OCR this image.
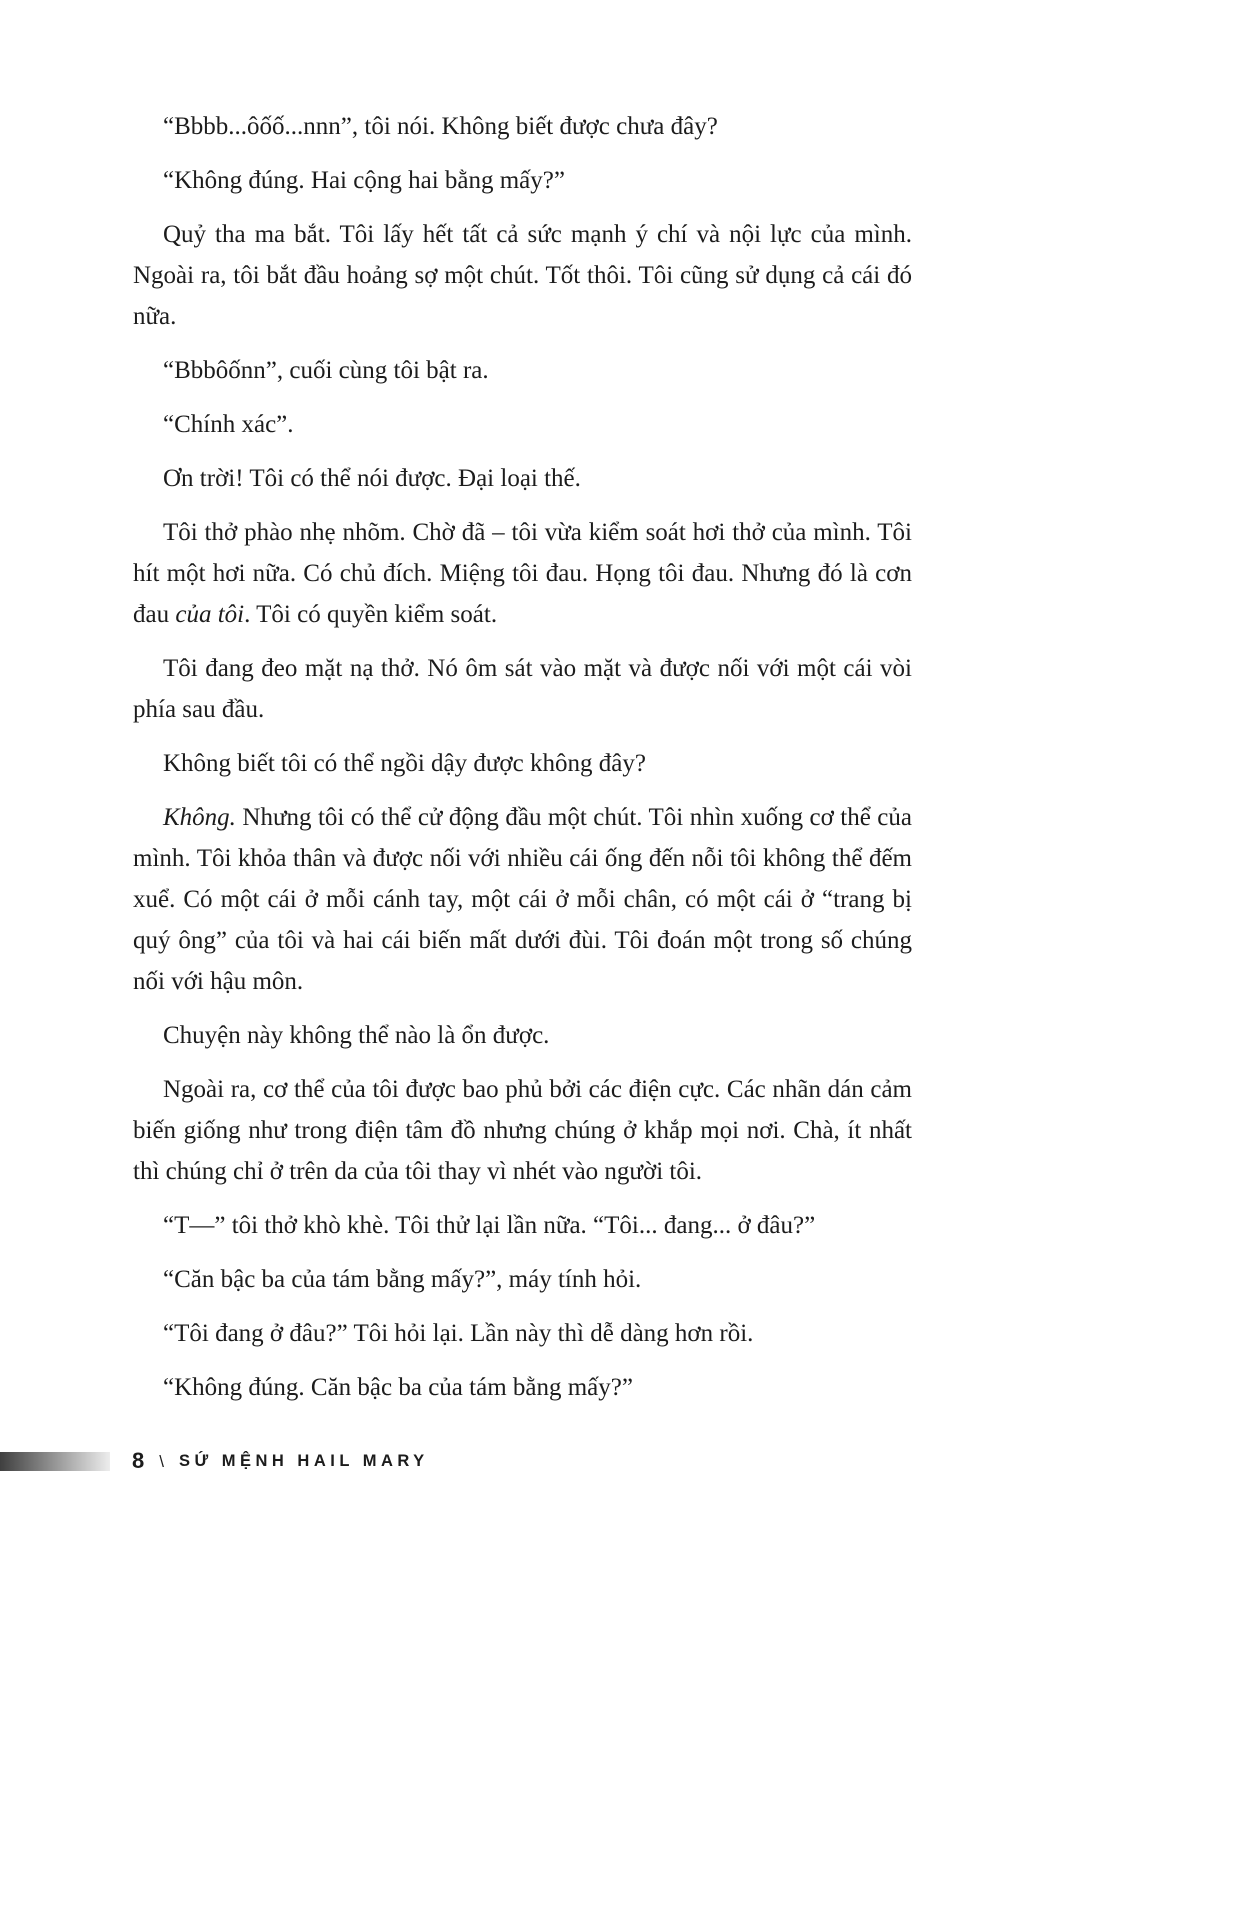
“Bbbb...ôốố...nnn”, tôi nói. Không biết được chưa đây?

“Không đúng. Hai cộng hai bằng mấy?”

Quỷ tha ma bắt. Tôi lấy hết tất cả sức mạnh ý chí và nội lực của mình. Ngoài ra, tôi bắt đầu hoảng sợ một chút. Tốt thôi. Tôi cũng sử dụng cả cái đó nữa.

“Bbbôốnn”, cuối cùng tôi bật ra.

“Chính xác”.

Ơn trời! Tôi có thể nói được. Đại loại thế.

Tôi thở phào nhẹ nhõm. Chờ đã – tôi vừa kiểm soát hơi thở của mình. Tôi hít một hơi nữa. Có chủ đích. Miệng tôi đau. Họng tôi đau. Nhưng đó là cơn đau của tôi. Tôi có quyền kiểm soát.

Tôi đang đeo mặt nạ thở. Nó ôm sát vào mặt và được nối với một cái vòi phía sau đầu.

Không biết tôi có thể ngồi dậy được không đây?

Không. Nhưng tôi có thể cử động đầu một chút. Tôi nhìn xuống cơ thể của mình. Tôi khỏa thân và được nối với nhiều cái ống đến nỗi tôi không thể đếm xuể. Có một cái ở mỗi cánh tay, một cái ở mỗi chân, có một cái ở “trang bị quý ông” của tôi và hai cái biến mất dưới đùi. Tôi đoán một trong số chúng nối với hậu môn.

Chuyện này không thể nào là ổn được.

Ngoài ra, cơ thể của tôi được bao phủ bởi các điện cực. Các nhãn dán cảm biến giống như trong điện tâm đồ nhưng chúng ở khắp mọi nơi. Chà, ít nhất thì chúng chỉ ở trên da của tôi thay vì nhét vào người tôi.

“T—” tôi thở khò khè. Tôi thử lại lần nữa. “Tôi... đang... ở đâu?”

“Căn bậc ba của tám bằng mấy?”, máy tính hỏi.

“Tôi đang ở đâu?” Tôi hỏi lại. Lần này thì dễ dàng hơn rồi.

“Không đúng. Căn bậc ba của tám bằng mấy?”

8 \ SỨ MỆNH HAIL MARY
